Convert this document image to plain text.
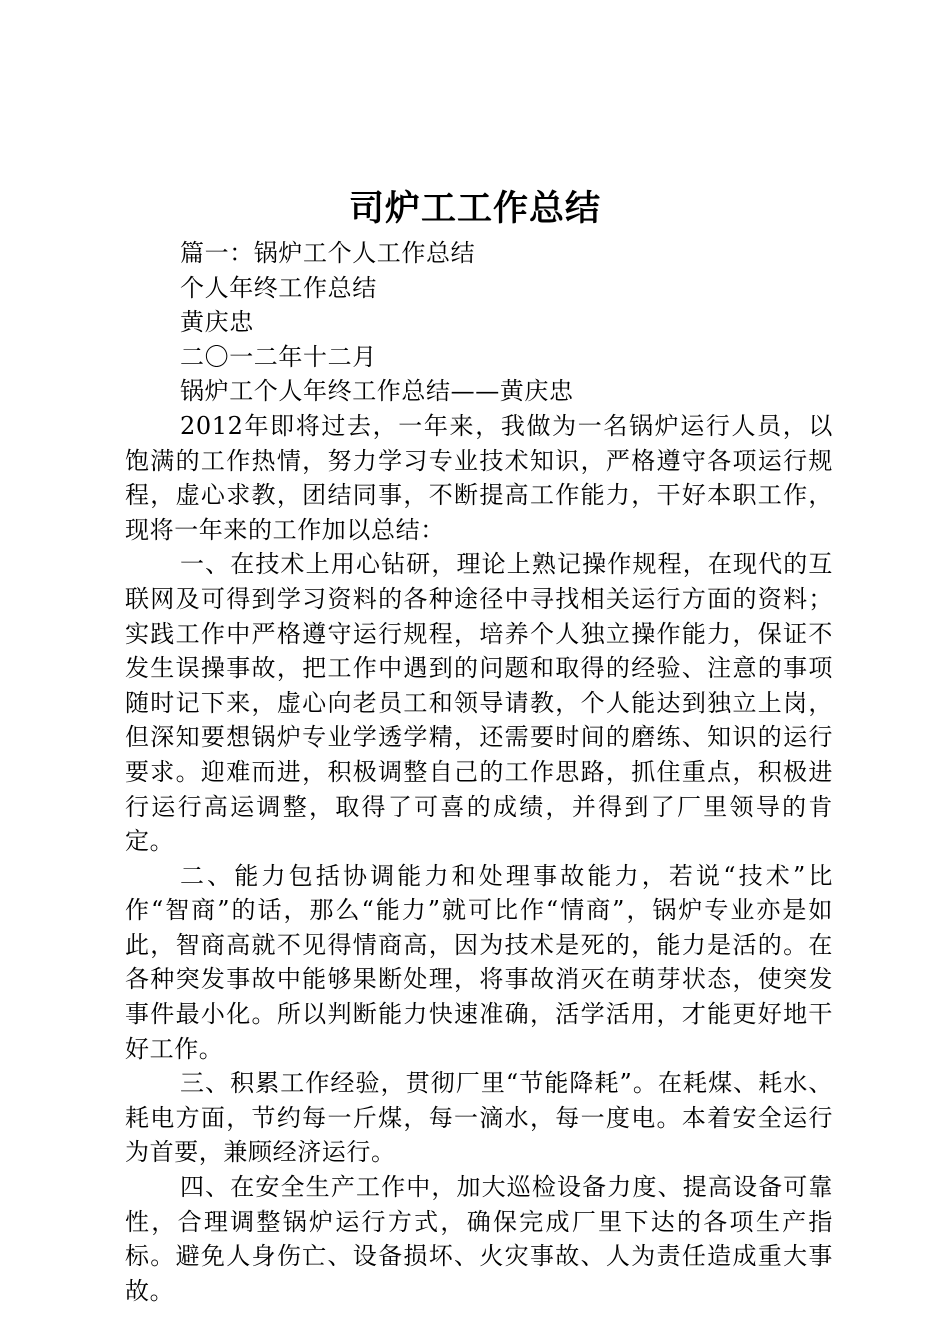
司炉工工作总结

篇一：锅炉工个人工作总结

个人年终工作总结

黄庆忠

二〇一二年十二月

锅炉工个人年终工作总结——黄庆忠

2012年即将过去，一年来，我做为一名锅炉运行人员，以饱满的工作热情，努力学习专业技术知识，严格遵守各项运行规程，虚心求教，团结同事，不断提高工作能力，干好本职工作，现将一年来的工作加以总结：

一、在技术上用心钻研，理论上熟记操作规程，在现代的互联网及可得到学习资料的各种途径中寻找相关运行方面的资料；实践工作中严格遵守运行规程，培养个人独立操作能力，保证不发生误操事故，把工作中遇到的问题和取得的经验、注意的事项随时记下来，虚心向老员工和领导请教，个人能达到独立上岗，但深知要想锅炉专业学透学精，还需要时间的磨练、知识的运行要求。迎难而进，积极调整自己的工作思路，抓住重点，积极进行运行高运调整，取得了可喜的成绩，并得到了厂里领导的肯定。

二、能力包括协调能力和处理事故能力，若说“技术”比作“智商”的话，那么“能力”就可比作“情商”，锅炉专业亦是如此，智商高就不见得情商高，因为技术是死的，能力是活的。在各种突发事故中能够果断处理，将事故消灭在萌芽状态，使突发事件最小化。所以判断能力快速准确，活学活用，才能更好地干好工作。

三、积累工作经验，贯彻厂里“节能降耗”。在耗煤、耗水、耗电方面，节约每一斤煤，每一滴水，每一度电。本着安全运行为首要，兼顾经济运行。

四、在安全生产工作中，加大巡检设备力度、提高设备可靠性，合理调整锅炉运行方式，确保完成厂里下达的各项生产指标。避免人身伤亡、设备损坏、火灾事故、人为责任造成重大事故。
